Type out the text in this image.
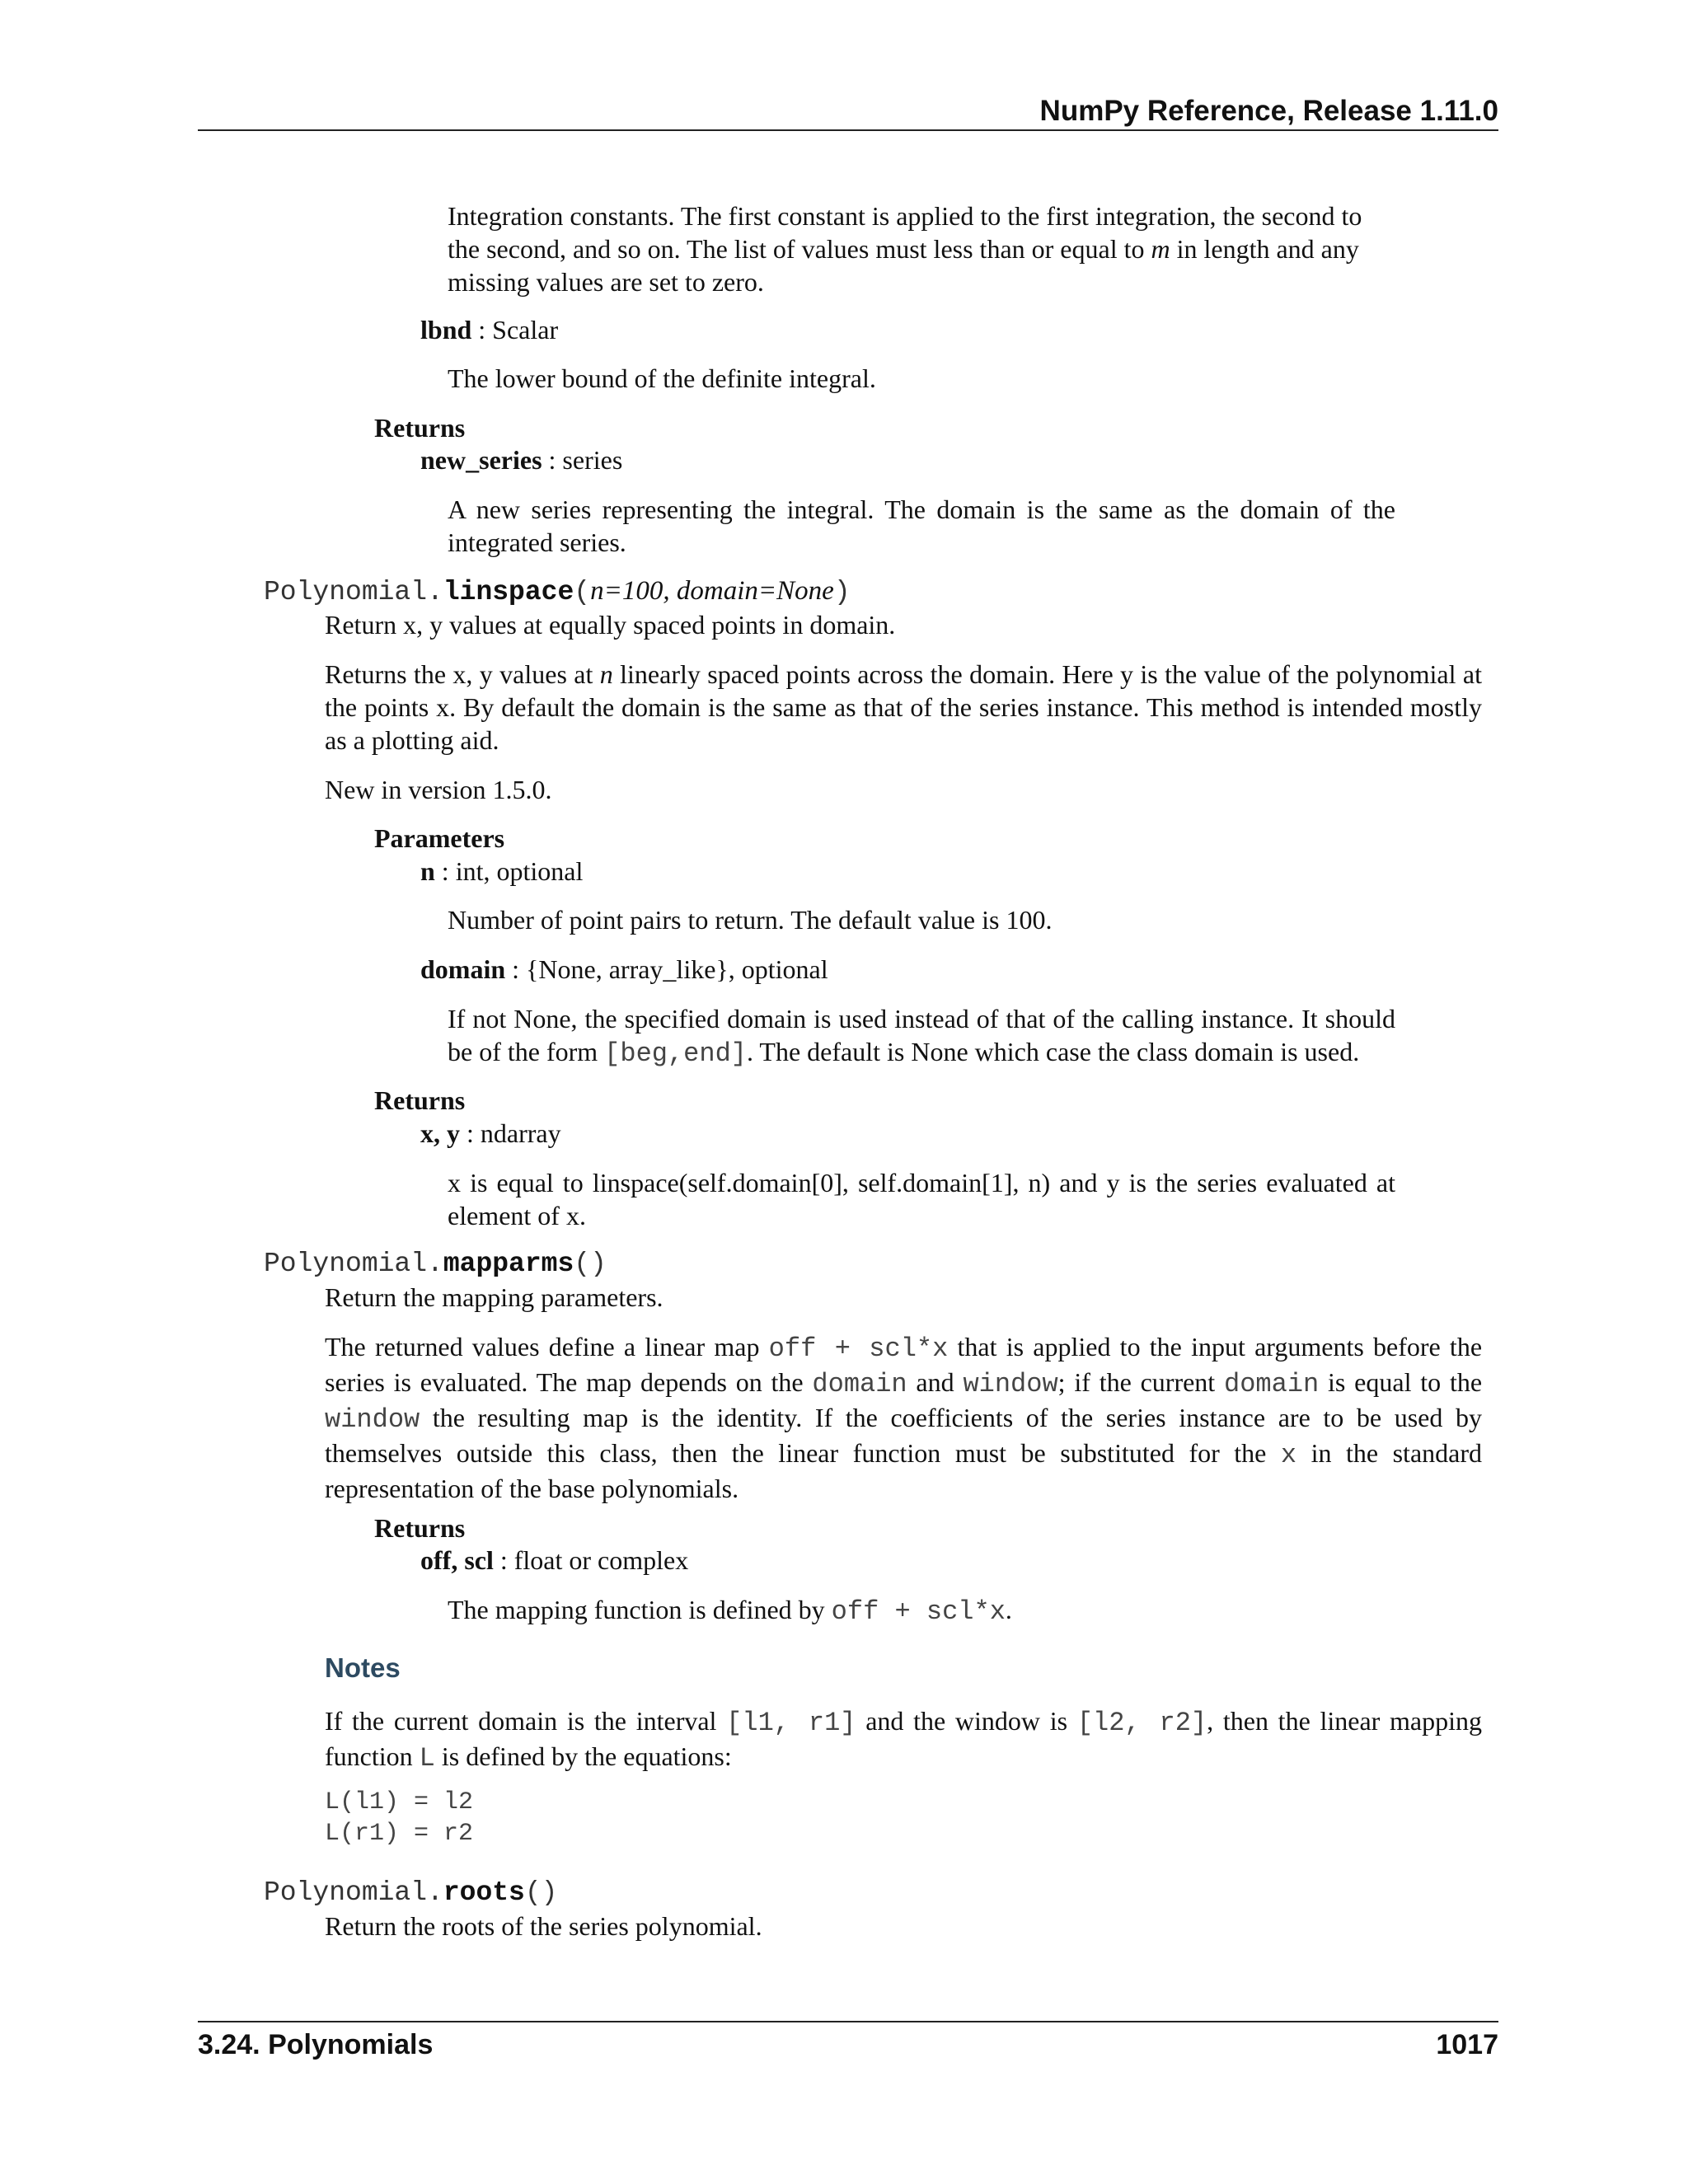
NumPy Reference, Release 1.11.0

Integration constants. The first constant is applied to the first integration, the second to

the second, and so on. The list of values must less than or equal to m in length and any

missing values are set to zero.

lbnd : Scalar
The lower bound of the definite integral.
Returns
new_series : series

A new series representing the integral. The domain is the same as the domain of the integrated series.

Polynomial.linspace(n=100, domain=None)
Return x, y values at equally spaced points in domain.

Returns the x, y values at n linearly spaced points across the domain. Here y is the value of the polynomial at the points x. By default the domain is the same as that of the series instance. This method is intended mostly as a plotting aid.

New in version 1.5.0.
Parameters
n : int, optional
Number of point pairs to return. The default value is 100.
domain : {None, array_like}, optional

If not None, the specified domain is used instead of that of the calling instance. It should be of the form [beg,end]. The default is None which case the class domain is used.

Returns
x, y : ndarray

x is equal to linspace(self.domain[0], self.domain[1], n) and y is the series evaluated at element of x.

Polynomial.mapparms()
Return the mapping parameters.

The returned values define a linear map off + scl*x that is applied to the input arguments before the series is evaluated. The map depends on the domain and window; if the current domain is equal to the window the resulting map is the identity. If the coefficients of the series instance are to be used by themselves outside this class, then the linear function must be substituted for the x in the standard representation of the base polynomials.

Returns
off, scl : float or complex
The mapping function is defined by off + scl*x.
Notes

If the current domain is the interval [l1, r1] and the window is [l2, r2], then the linear mapping function L is defined by the equations:

L(l1) = l2

L(r1) = r2

Polynomial.roots()
Return the roots of the series polynomial.
3.24. Polynomials	1017
